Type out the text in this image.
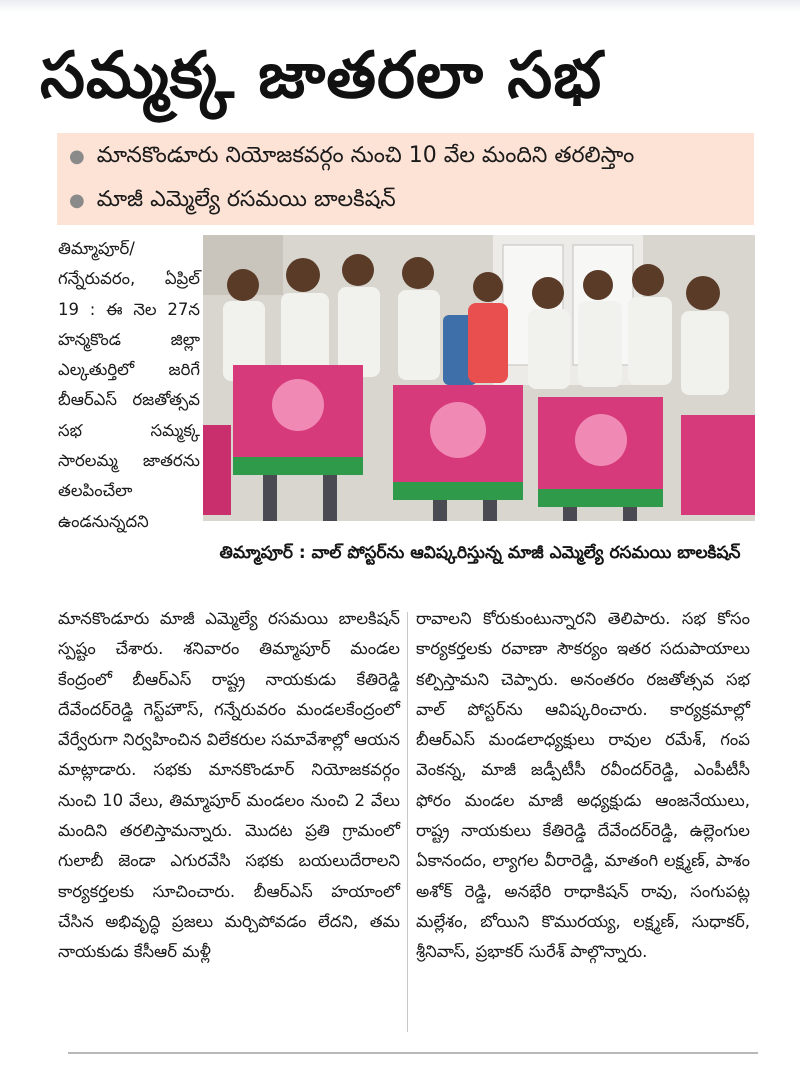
సమ్మక్క జాతరలా సభ
● మానకొండూరు నియోజకవర్గం నుంచి 10 వేల మందిని తరలిస్తాం
● మాజీ ఎమ్మెల్యే రసమయి బాలకిషన్
తిమ్మాపూర్/ గన్నేరువరం, ఏప్రిల్ 19 : ఈ నెల 27న హన్మకొండ జిల్లా ఎల్కతుర్తిలో జరిగే బీఆర్ఎస్ రజతోత్సవ సభ సమ్మక్క సారలమ్మ జాతరను తలపించేలా ఉండనున్నదని
తిమ్మాపూర్ : వాల్ పోస్టర్‌ను ఆవిష్కరిస్తున్న మాజీ ఎమ్మెల్యే రసమయి బాలకిషన్
మానకొండూరు మాజీ ఎమ్మెల్యే రసమయి బాలకిషన్ స్పష్టం చేశారు. శనివారం తిమ్మాపూర్ మండల కేంద్రంలో బీఆర్ఎస్ రాష్ట్ర నాయకుడు కేతిరెడ్డి దేవేందర్‌రెడ్డి గెస్ట్‌హౌస్, గన్నేరువరం మండలకేంద్రంలో వేర్వేరుగా నిర్వహించిన విలేకరుల సమావేశాల్లో ఆయన మాట్లాడారు. సభకు మానకొండూర్ నియోజకవర్గం నుంచి 10 వేలు, తిమ్మాపూర్ మండలం నుంచి 2 వేలు మందిని తరలిస్తామన్నారు. మొదట ప్రతి గ్రామంలో గులాబీ జెండా ఎగురవేసి సభకు బయలుదేరాలని కార్యకర్తలకు సూచించారు. బీఆర్ఎస్ హయాంలో చేసిన అభివృద్ధి ప్రజలు మర్చిపోవడం లేదని, తమ నాయకుడు కేసీఆర్ మళ్లీ
రావాలని కోరుకుంటున్నారని తెలిపారు. సభ కోసం కార్యకర్తలకు రవాణా సౌకర్యం ఇతర సదుపాయాలు కల్పిస్తామని చెప్పారు. అనంతరం రజతోత్సవ సభ వాల్ పోస్టర్‌ను ఆవిష్కరించారు. కార్యక్రమాల్లో బీఆర్ఎస్ మండలాధ్యక్షులు రావుల రమేశ్, గంప వెంకన్న, మాజీ జడ్పీటీసీ రవీందర్‌రెడ్డి, ఎంపీటీసీ ఫోరం మండల మాజీ అధ్యక్షుడు ఆంజనేయులు, రాష్ట్ర నాయకులు కేతిరెడ్డి దేవేందర్‌రెడ్డి, ఉల్లెంగుల ఏకానందం, ల్యాగల వీరారెడ్డి, మాతంగి లక్ష్మణ్, పాశం అశోక్ రెడ్డి, అనభేరి రాధాకిషన్ రావు, సంగుపట్ల మల్లేశం, బోయిని కొమురయ్య, లక్ష్మణ్, సుధాకర్, శ్రీనివాస్, ప్రభాకర్ సురేశ్ పాల్గొన్నారు.
